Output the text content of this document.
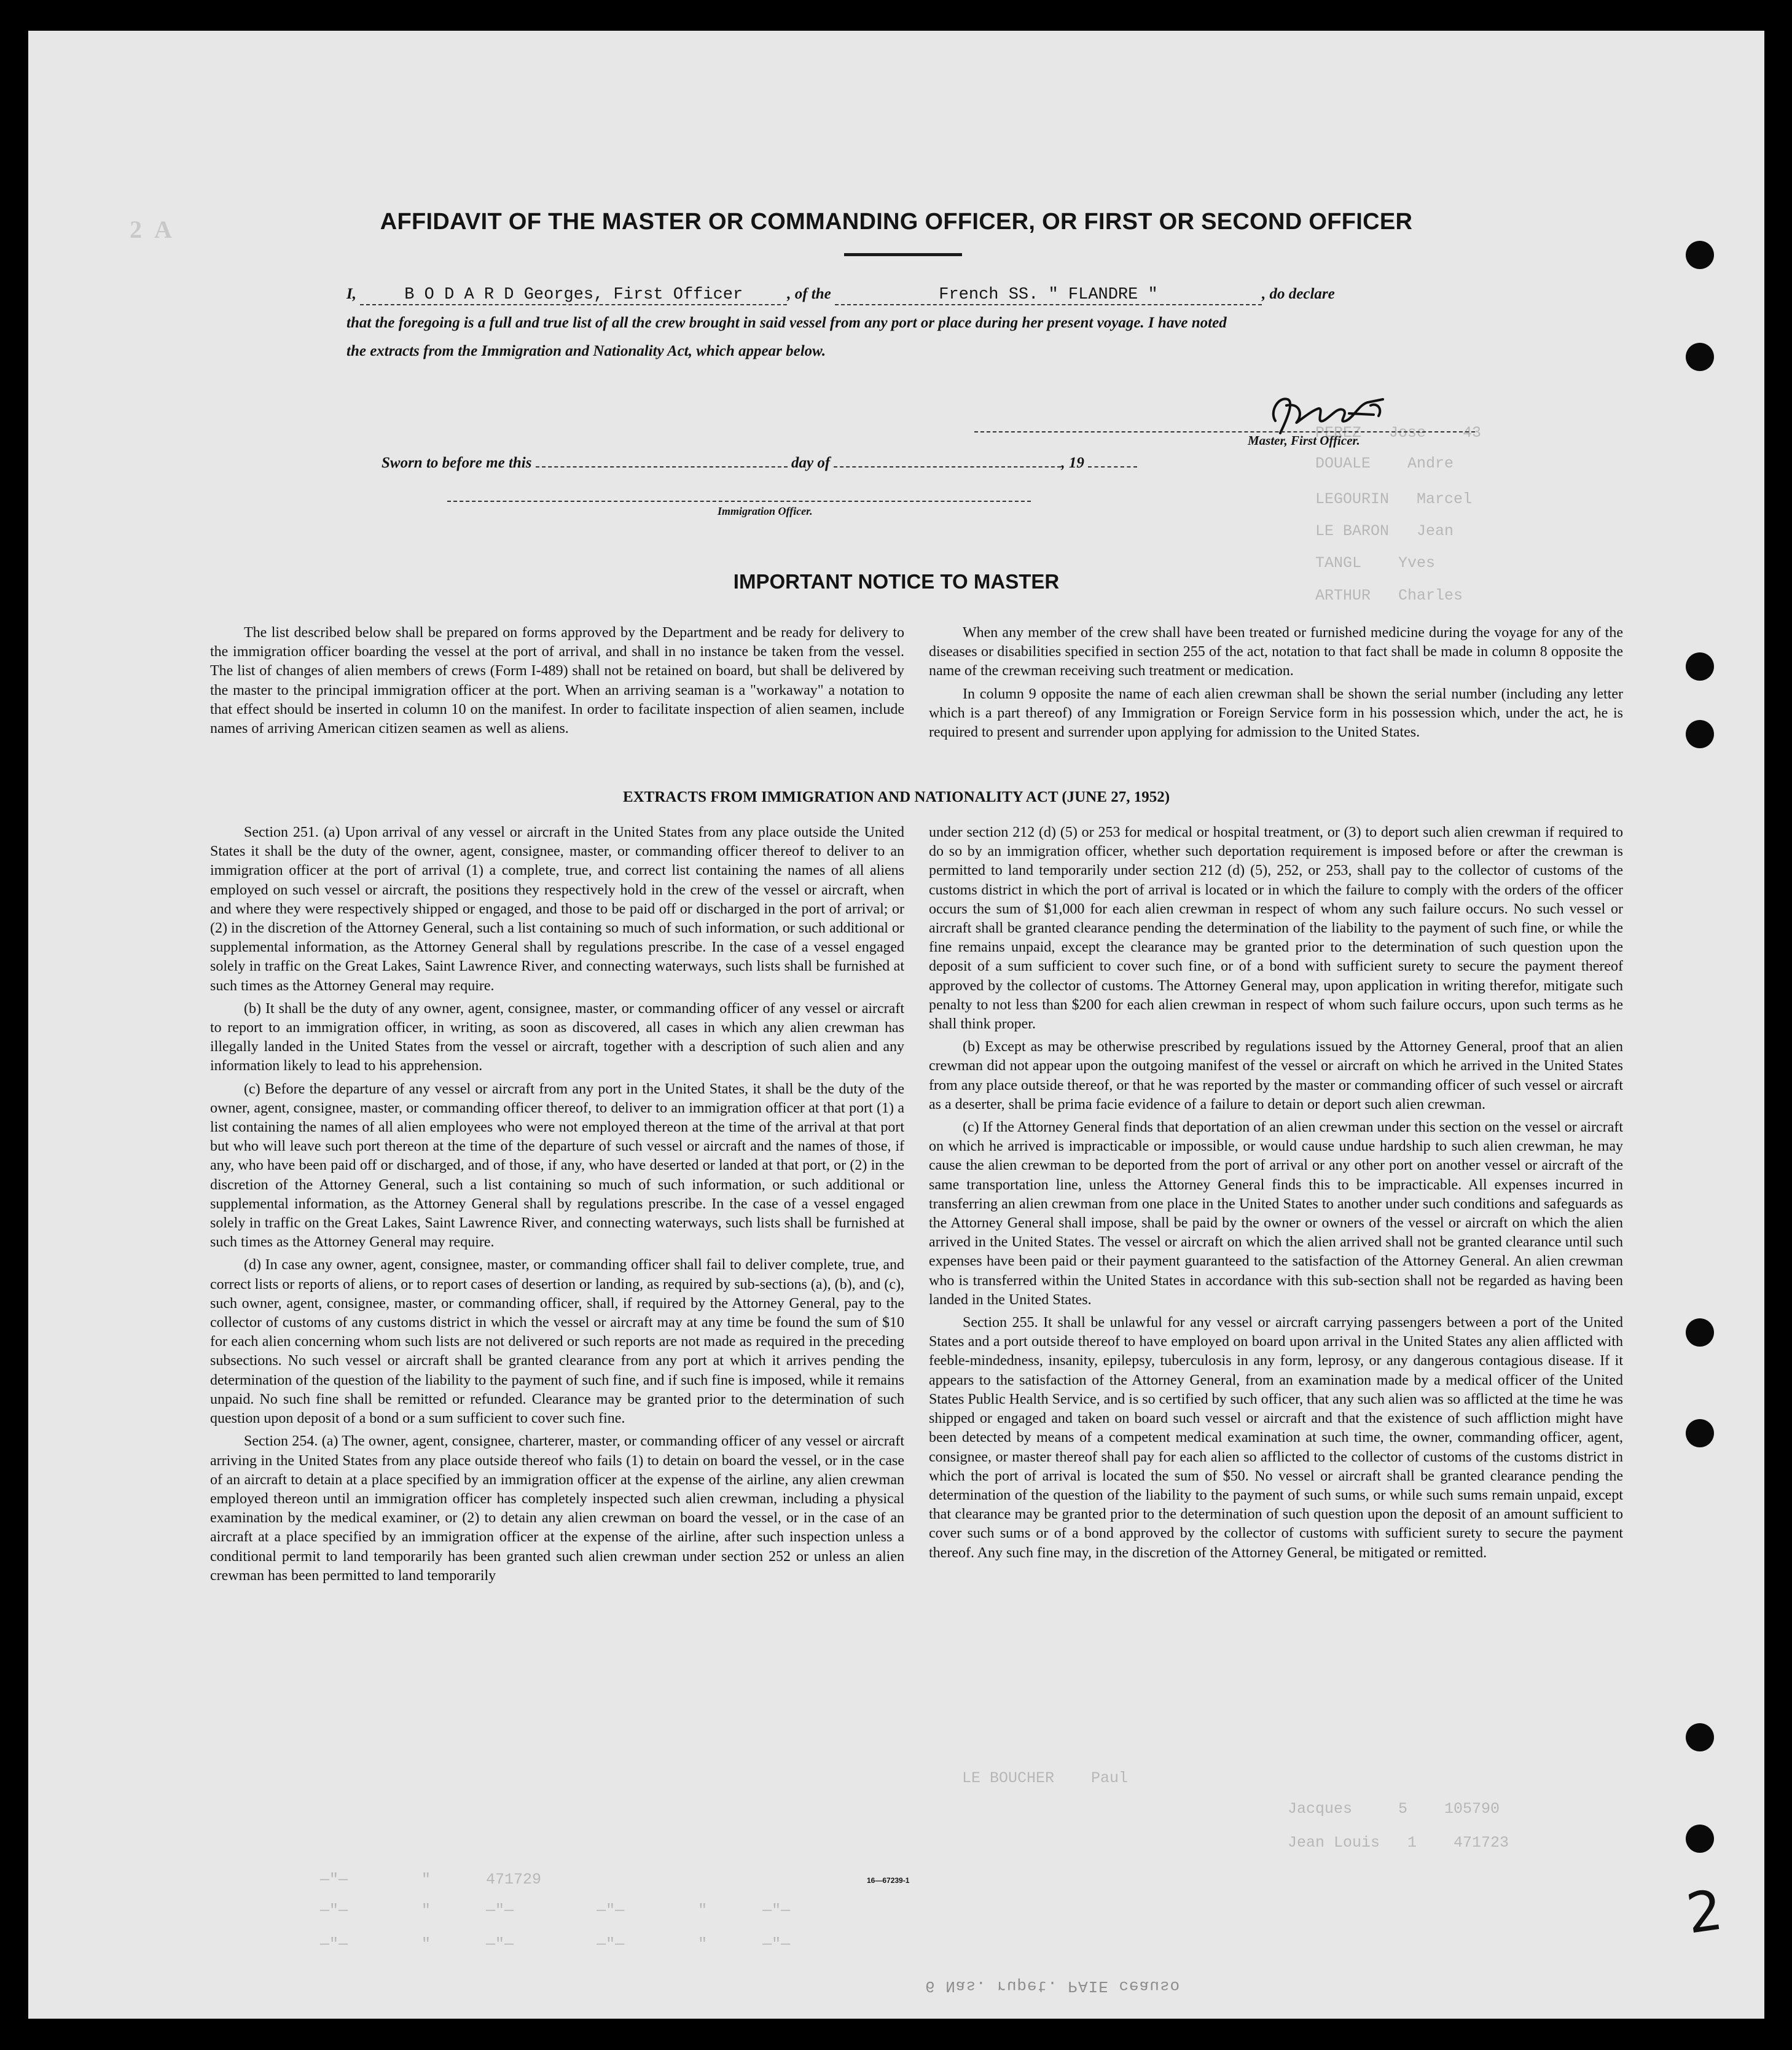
PEREZ   Jose    43
DOUALE    Andre
LEGOURIN   Marcel
LE BARON   Jean
TANGL    Yves
ARTHUR   Charles
LE BOUCHER    Paul
Jacques     5    105790
Jean Louis   1    471723
—"—        "      471729
—"—        "      —"—         —"—        "      —"—
—"—        "      —"—         —"—        "      —"—
2  A	AFFIDAVIT OF THE MASTER OR COMMANDING OFFICER, OR FIRST OR SECOND OFFICER
I,	B O D A R D Georges, First Officer	, of the	French SS. " FLANDRE "	, do declare
that the foregoing is a full and true list of all the crew brought in said vessel from any port or place during her present voyage. I have noted
the extracts from the Immigration and Nationality Act, which appear below.
Master, First Officer.
Sworn to before me this	day of	, 19
Immigration Officer.
IMPORTANT NOTICE TO MASTER

The list described below shall be prepared on forms approved by the Department and be ready for delivery to the immigration officer boarding the vessel at the port of arrival, and shall in no instance be taken from the vessel. The list of changes of alien members of crews (Form I-489) shall not be retained on board, but shall be delivered by the master to the principal immigration officer at the port. When an arriving seaman is a "workaway" a notation to that effect should be inserted in column 10 on the manifest. In order to facilitate inspection of alien seamen, include names of arriving American citizen seamen as well as aliens.

When any member of the crew shall have been treated or furnished medicine during the voyage for any of the diseases or disabilities specified in section 255 of the act, notation to that fact shall be made in column 8 opposite the name of the crewman receiving such treatment or medication.

In column 9 opposite the name of each alien crewman shall be shown the serial number (including any letter which is a part thereof) of any Immigration or Foreign Service form in his possession which, under the act, he is required to present and surrender upon applying for admission to the United States.

EXTRACTS FROM IMMIGRATION AND NATIONALITY ACT (JUNE 27, 1952)

Section 251. (a) Upon arrival of any vessel or aircraft in the United States from any place outside the United States it shall be the duty of the owner, agent, consignee, master, or commanding officer thereof to deliver to an immigration officer at the port of arrival (1) a complete, true, and correct list containing the names of all aliens employed on such vessel or aircraft, the positions they respectively hold in the crew of the vessel or aircraft, when and where they were respectively shipped or engaged, and those to be paid off or discharged in the port of arrival; or (2) in the discretion of the Attorney General, such a list containing so much of such information, or such additional or supplemental information, as the Attorney General shall by regulations prescribe. In the case of a vessel engaged solely in traffic on the Great Lakes, Saint Lawrence River, and connecting waterways, such lists shall be furnished at such times as the Attorney General may require.

(b) It shall be the duty of any owner, agent, consignee, master, or commanding officer of any vessel or aircraft to report to an immigration officer, in writing, as soon as discovered, all cases in which any alien crewman has illegally landed in the United States from the vessel or aircraft, together with a description of such alien and any information likely to lead to his apprehension.

(c) Before the departure of any vessel or aircraft from any port in the United States, it shall be the duty of the owner, agent, consignee, master, or commanding officer thereof, to deliver to an immigration officer at that port (1) a list containing the names of all alien employees who were not employed thereon at the time of the arrival at that port but who will leave such port thereon at the time of the departure of such vessel or aircraft and the names of those, if any, who have been paid off or discharged, and of those, if any, who have deserted or landed at that port, or (2) in the discretion of the Attorney General, such a list containing so much of such information, or such additional or supplemental information, as the Attorney General shall by regulations prescribe. In the case of a vessel engaged solely in traffic on the Great Lakes, Saint Lawrence River, and connecting waterways, such lists shall be furnished at such times as the Attorney General may require.

(d) In case any owner, agent, consignee, master, or commanding officer shall fail to deliver complete, true, and correct lists or reports of aliens, or to report cases of desertion or landing, as required by sub-sections (a), (b), and (c), such owner, agent, consignee, master, or commanding officer, shall, if required by the Attorney General, pay to the collector of customs of any customs district in which the vessel or aircraft may at any time be found the sum of $10 for each alien concerning whom such lists are not delivered or such reports are not made as required in the preceding subsections. No such vessel or aircraft shall be granted clearance from any port at which it arrives pending the determination of the question of the liability to the payment of such fine, and if such fine is imposed, while it remains unpaid. No such fine shall be remitted or refunded. Clearance may be granted prior to the determination of such question upon deposit of a bond or a sum sufficient to cover such fine.

Section 254. (a) The owner, agent, consignee, charterer, master, or commanding officer of any vessel or aircraft arriving in the United States from any place outside thereof who fails (1) to detain on board the vessel, or in the case of an aircraft to detain at a place specified by an immigration officer at the expense of the airline, any alien crewman employed thereon until an immigration officer has completely inspected such alien crewman, including a physical examination by the medical examiner, or (2) to detain any alien crewman on board the vessel, or in the case of an aircraft at a place specified by an immigration officer at the expense of the airline, after such inspection unless a conditional permit to land temporarily has been granted such alien crewman under section 252 or unless an alien crewman has been permitted to land temporarily

under section 212 (d) (5) or 253 for medical or hospital treatment, or (3) to deport such alien crewman if required to do so by an immigration officer, whether such deportation requirement is imposed before or after the crewman is permitted to land temporarily under section 212 (d) (5), 252, or 253, shall pay to the collector of customs of the customs district in which the port of arrival is located or in which the failure to comply with the orders of the officer occurs the sum of $1,000 for each alien crewman in respect of whom any such failure occurs. No such vessel or aircraft shall be granted clearance pending the determination of the liability to the payment of such fine, or while the fine remains unpaid, except the clearance may be granted prior to the determination of such question upon the deposit of a sum sufficient to cover such fine, or of a bond with sufficient surety to secure the payment thereof approved by the collector of customs. The Attorney General may, upon application in writing therefor, mitigate such penalty to not less than $200 for each alien crewman in respect of whom such failure occurs, upon such terms as he shall think proper.

(b) Except as may be otherwise prescribed by regulations issued by the Attorney General, proof that an alien crewman did not appear upon the outgoing manifest of the vessel or aircraft on which he arrived in the United States from any place outside thereof, or that he was reported by the master or commanding officer of such vessel or aircraft as a deserter, shall be prima facie evidence of a failure to detain or deport such alien crewman.

(c) If the Attorney General finds that deportation of an alien crewman under this section on the vessel or aircraft on which he arrived is impracticable or impossible, or would cause undue hardship to such alien crewman, he may cause the alien crewman to be deported from the port of arrival or any other port on another vessel or aircraft of the same transportation line, unless the Attorney General finds this to be impracticable. All expenses incurred in transferring an alien crewman from one place in the United States to another under such conditions and safeguards as the Attorney General shall impose, shall be paid by the owner or owners of the vessel or aircraft on which the alien arrived in the United States. The vessel or aircraft on which the alien arrived shall not be granted clearance until such expenses have been paid or their payment guaranteed to the satisfaction of the Attorney General. An alien crewman who is transferred within the United States in accordance with this sub-section shall not be regarded as having been landed in the United States.

Section 255. It shall be unlawful for any vessel or aircraft carrying passengers between a port of the United States and a port outside thereof to have employed on board upon arrival in the United States any alien afflicted with feeble-mindedness, insanity, epilepsy, tuberculosis in any form, leprosy, or any dangerous contagious disease. If it appears to the satisfaction of the Attorney General, from an examination made by a medical officer of the United States Public Health Service, and is so certified by such officer, that any such alien was so afflicted at the time he was shipped or engaged and taken on board such vessel or aircraft and that the existence of such affliction might have been detected by means of a competent medical examination at such time, the owner, commanding officer, agent, consignee, or master thereof shall pay for each alien so afflicted to the collector of customs of the customs district in which the port of arrival is located the sum of $50. No vessel or aircraft shall be granted clearance pending the determination of the question of the liability to the payment of such sums, or while such sums remain unpaid, except that clearance may be granted prior to the determination of such question upon the deposit of an amount sufficient to cover such sums or of a bond approved by the collector of customs with sufficient surety to secure the payment thereof. Any such fine may, in the discretion of the Attorney General, be mitigated or remitted.

16—67239-1
6 Nas. rupet. PAIE ceauso
2
